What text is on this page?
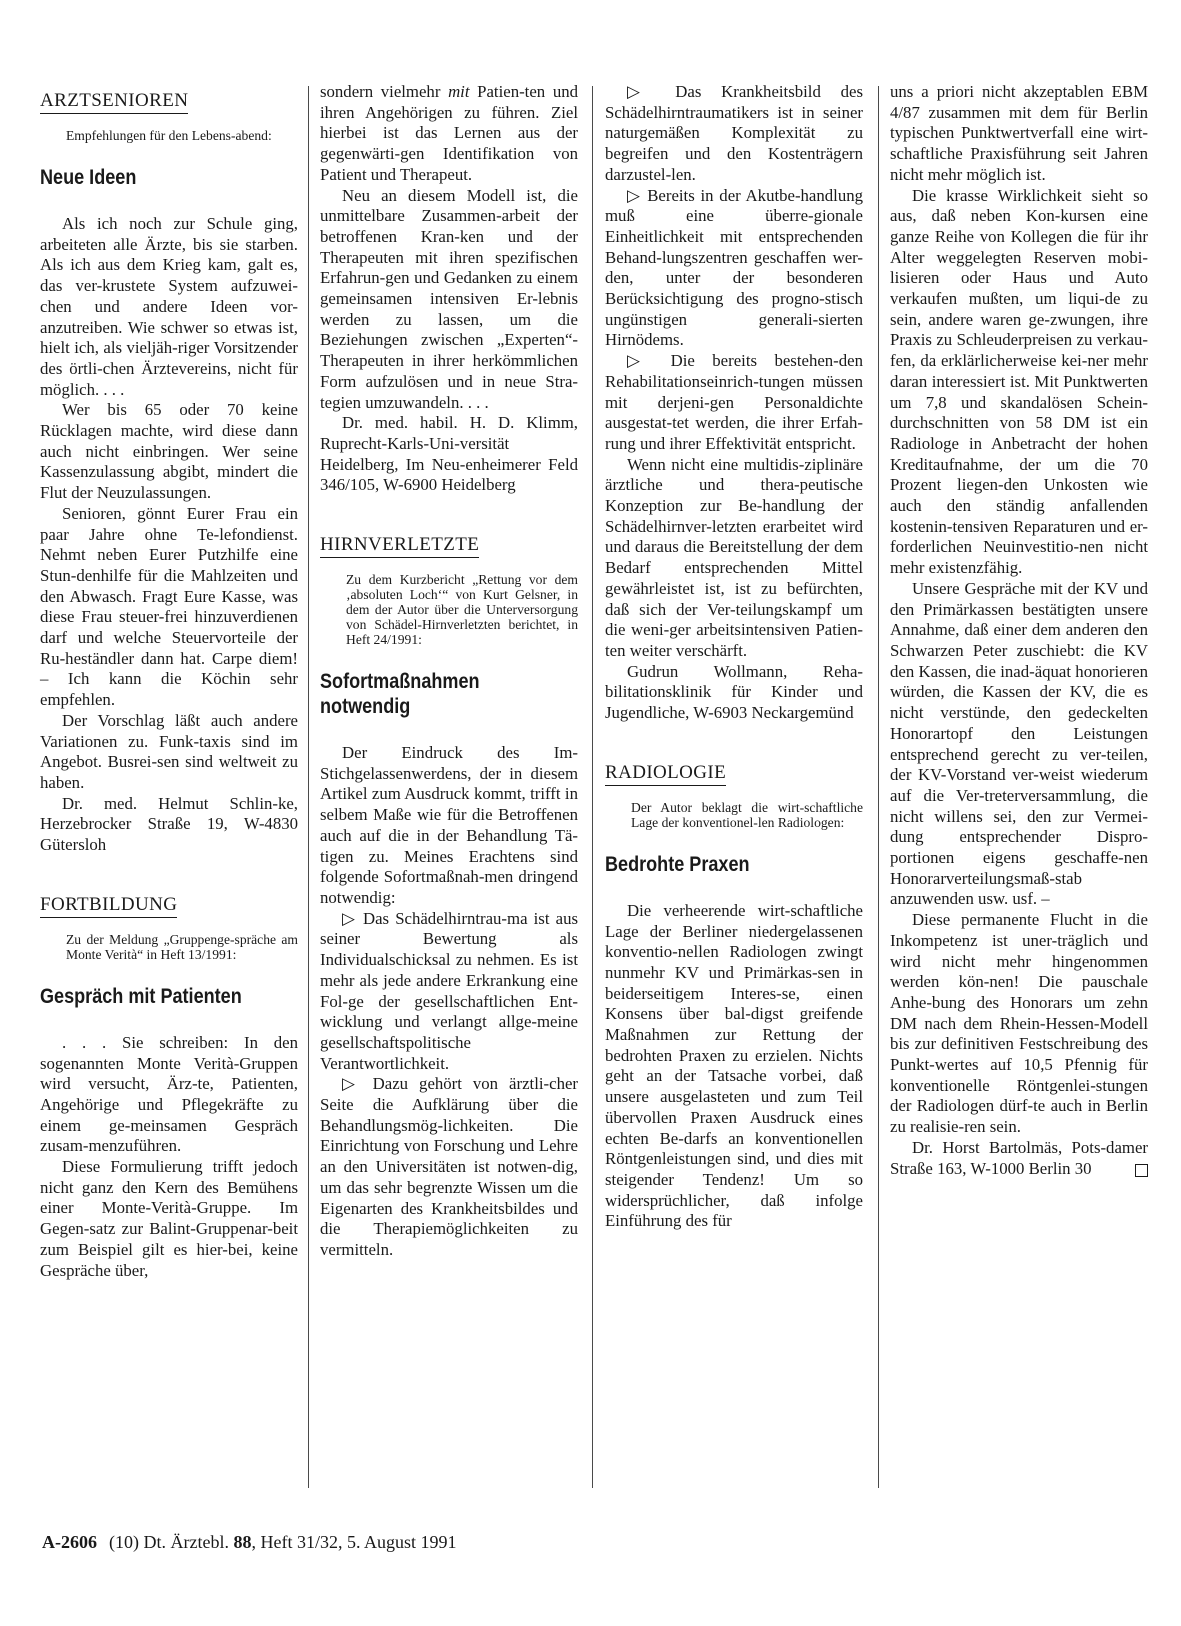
ARZTSENIOREN
Empfehlungen für den Lebens-abend:
Neue Ideen

Als ich noch zur Schule ging, arbeiteten alle Ärzte, bis sie starben. Als ich aus dem Krieg kam, galt es, das ver-krustete System aufzuwei-chen und andere Ideen vor-anzutreiben. Wie schwer so etwas ist, hielt ich, als vieljäh-riger Vorsitzender des örtli-chen Ärztevereins, nicht für möglich. . . .

Wer bis 65 oder 70 keine Rücklagen machte, wird diese dann auch nicht einbringen. Wer seine Kassenzulassung abgibt, mindert die Flut der Neuzulassungen.

Senioren, gönnt Eurer Frau ein paar Jahre ohne Te-lefondienst. Nehmt neben Eurer Putzhilfe eine Stun-denhilfe für die Mahlzeiten und den Abwasch. Fragt Eure Kasse, was diese Frau steuer-frei hinzuverdienen darf und welche Steuervorteile der Ru-heständler dann hat. Carpe diem! – Ich kann die Köchin sehr empfehlen.

Der Vorschlag läßt auch andere Variationen zu. Funk-taxis sind im Angebot. Busrei-sen sind weltweit zu haben.

Dr. med. Helmut Schlin-ke, Herzebrocker Straße 19, W-4830 Gütersloh

FORTBILDUNG
Zu der Meldung „Gruppenge-spräche am Monte Verità“ in Heft 13/1991:
Gespräch mit Patienten

. . . Sie schreiben: In den sogenannten Monte Verità-Gruppen wird versucht, Ärz-te, Patienten, Angehörige und Pflegekräfte zu einem ge-meinsamen Gespräch zusam-menzuführen.

Diese Formulierung trifft jedoch nicht ganz den Kern des Bemühens einer Monte-Verità-Gruppe. Im Gegen-satz zur Balint-Gruppenar-beit zum Beispiel gilt es hier-bei, keine Gespräche über,

sondern vielmehr mit Patien-ten und ihren Angehörigen zu führen. Ziel hierbei ist das Lernen aus der gegenwärti-gen Identifikation von Patient und Therapeut.

Neu an diesem Modell ist, die unmittelbare Zusammen-arbeit der betroffenen Kran-ken und der Therapeuten mit ihren spezifischen Erfahrun-gen und Gedanken zu einem gemeinsamen intensiven Er-lebnis werden zu lassen, um die Beziehungen zwischen „Experten“-Therapeuten in ihrer herkömmlichen Form aufzulösen und in neue Stra-tegien umzuwandeln. . . .

Dr. med. habil. H. D. Klimm, Ruprecht-Karls-Uni-versität Heidelberg, Im Neu-enheimerer Feld 346/105, W-6900 Heidelberg

HIRNVERLETZTE
Zu dem Kurzbericht „Rettung vor dem ‚absoluten Loch‘“ von Kurt Gelsner, in dem der Autor über die Unterversorgung von Schädel-Hirnverletzten berichtet, in Heft 24/1991:
Sofortmaßnahmen notwendig

Der Eindruck des Im-Stichgelassenwerdens, der in diesem Artikel zum Ausdruck kommt, trifft in selbem Maße wie für die Betroffenen auch auf die in der Behandlung Tä-tigen zu. Meines Erachtens sind folgende Sofortmaßnah-men dringend notwendig:

▷ Das Schädelhirntrau-ma ist aus seiner Bewertung als Individualschicksal zu nehmen. Es ist mehr als jede andere Erkrankung eine Fol-ge der gesellschaftlichen Ent-wicklung und verlangt allge-meine gesellschaftspolitische Verantwortlichkeit.

▷ Dazu gehört von ärztli-cher Seite die Aufklärung über die Behandlungsmög-lichkeiten. Die Einrichtung von Forschung und Lehre an den Universitäten ist notwen-dig, um das sehr begrenzte Wissen um die Eigenarten des Krankheitsbildes und die Therapiemöglichkeiten zu vermitteln.

▷ Das Krankheitsbild des Schädelhirntraumatikers ist in seiner naturgemäßen Komplexität zu begreifen und den Kostenträgern darzustel-len.

▷ Bereits in der Akutbe-handlung muß eine überre-gionale Einheitlichkeit mit entsprechenden Behand-lungszentren geschaffen wer-den, unter der besonderen Berücksichtigung des progno-stisch ungünstigen generali-sierten Hirnödems.

▷ Die bereits bestehen-den Rehabilitationseinrich-tungen müssen mit derjeni-gen Personaldichte ausgestat-tet werden, die ihrer Erfah-rung und ihrer Effektivität entspricht.

Wenn nicht eine multidis-ziplinäre ärztliche und thera-peutische Konzeption zur Be-handlung der Schädelhirnver-letzten erarbeitet wird und daraus die Bereitstellung der dem Bedarf entsprechenden Mittel gewährleistet ist, ist zu befürchten, daß sich der Ver-teilungskampf um die weni-ger arbeitsintensiven Patien-ten weiter verschärft.

Gudrun Wollmann, Reha-bilitationsklinik für Kinder und Jugendliche, W-6903 Neckargemünd

RADIOLOGIE
Der Autor beklagt die wirt-schaftliche Lage der konventionel-len Radiologen:
Bedrohte Praxen

Die verheerende wirt-schaftliche Lage der Berliner niedergelassenen konventio-nellen Radiologen zwingt nunmehr KV und Primärkas-sen in beiderseitigem Interes-se, einen Konsens über bal-digst greifende Maßnahmen zur Rettung der bedrohten Praxen zu erzielen. Nichts geht an der Tatsache vorbei, daß unsere ausgelasteten und zum Teil übervollen Praxen Ausdruck eines echten Be-darfs an konventionellen Röntgenleistungen sind, und dies mit steigender Tendenz! Um so widersprüchlicher, daß infolge Einführung des für

uns a priori nicht akzeptablen EBM 4/87 zusammen mit dem für Berlin typischen Punktwertverfall eine wirt-schaftliche Praxisführung seit Jahren nicht mehr möglich ist.

Die krasse Wirklichkeit sieht so aus, daß neben Kon-kursen eine ganze Reihe von Kollegen die für ihr Alter weggelegten Reserven mobi-lisieren oder Haus und Auto verkaufen mußten, um liqui-de zu sein, andere waren ge-zwungen, ihre Praxis zu Schleuderpreisen zu verkau-fen, da erklärlicherweise kei-ner mehr daran interessiert ist. Mit Punktwerten um 7,8 und skandalösen Schein-durchschnitten von 58 DM ist ein Radiologe in Anbetracht der hohen Kreditaufnahme, der um die 70 Prozent liegen-den Unkosten wie auch den ständig anfallenden kostenin-tensiven Reparaturen und er-forderlichen Neuinvestitio-nen nicht mehr existenzfähig.

Unsere Gespräche mit der KV und den Primärkassen bestätigten unsere Annahme, daß einer dem anderen den Schwarzen Peter zuschiebt: die KV den Kassen, die inad-äquat honorieren würden, die Kassen der KV, die es nicht verstünde, den gedeckelten Honorartopf den Leistungen entsprechend gerecht zu ver-teilen, der KV-Vorstand ver-weist wiederum auf die Ver-treterversammlung, die nicht willens sei, den zur Vermei-dung entsprechender Dispro-portionen eigens geschaffe-nen Honorarverteilungsmaß-stab anzuwenden usw. usf. –

Diese permanente Flucht in die Inkompetenz ist uner-träglich und wird nicht mehr hingenommen werden kön-nen! Die pauschale Anhe-bung des Honorars um zehn DM nach dem Rhein-Hessen-Modell bis zur definitiven Festschreibung des Punkt-wertes auf 10,5 Pfennig für konventionelle Röntgenlei-stungen der Radiologen dürf-te auch in Berlin zu realisie-ren sein.

Dr. Horst Bartolmäs, Pots-damer Straße 163, W-1000 Berlin 30

A-2606 (10) Dt. Ärztebl. 88, Heft 31/32, 5. August 1991
